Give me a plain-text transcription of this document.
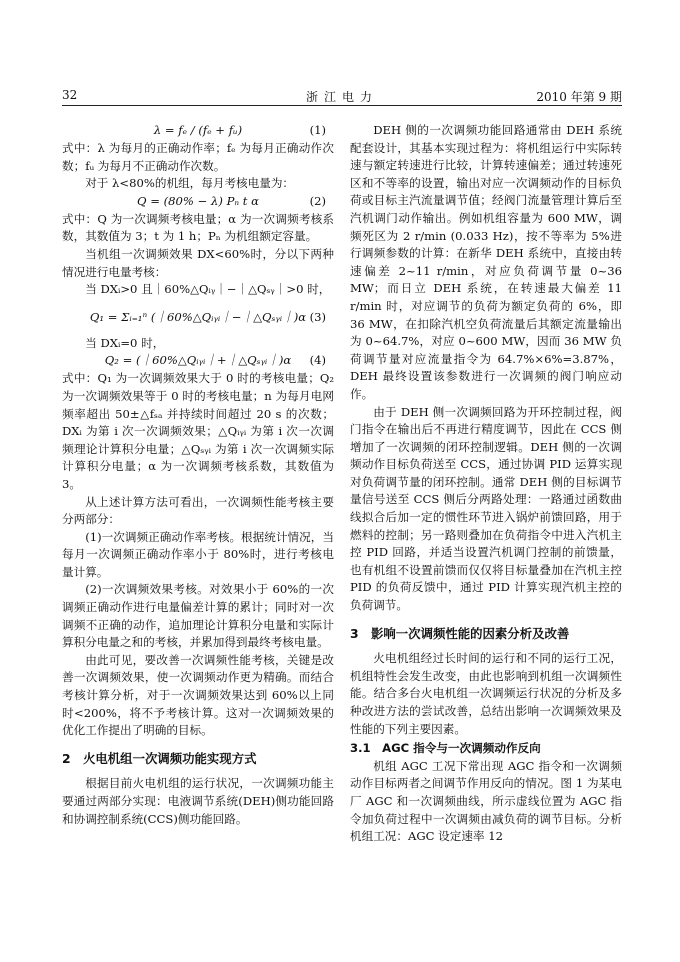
32	浙江电力	2010 年第 9 期
λ = fₑ / (fₑ + fᵤ)	(1)

式中：λ 为每月的正确动作率；fₑ 为每月正确动作次数；fᵤ 为每月不正确动作次数。

对于 λ<80%的机组，每月考核电量为：

Q = (80% − λ) Pₙ t α	(2)

式中：Q 为一次调频考核电量；α 为一次调频考核系数，其数值为 3；t 为 1 h；Pₙ 为机组额定容量。

当机组一次调频效果 DX<60%时，分以下两种情况进行电量考核：

当 DXᵢ>0 且｜60%△Qᵢᵧ｜−｜△Qₛᵧ｜>0 时，

Q₁ = Σᵢ₌₁ⁿ (｜60%△Qᵢᵧᵢ｜−｜△Qₛᵧᵢ｜)α (3)

当 DXᵢ=0 时，

Q₂ = (｜60%△Qᵢᵧᵢ｜+｜△Qₛᵧᵢ｜)α	(4)

式中：Q₁ 为一次调频效果大于 0 时的考核电量；Q₂ 为一次调频效果等于 0 时的考核电量；n 为每月电网频率超出 50±△fₛₐ 并持续时间超过 20 s 的次数；DXᵢ 为第 i 次一次调频效果；△Qᵢᵧᵢ 为第 i 次一次调频理论计算积分电量；△Qₛᵧᵢ 为第 i 次一次调频实际计算积分电量；α 为一次调频考核系数，其数值为 3。

从上述计算方法可看出，一次调频性能考核主要分两部分：

(1)一次调频正确动作率考核。根据统计情况，当每月一次调频正确动作率小于 80%时，进行考核电量计算。

(2)一次调频效果考核。对效果小于 60%的一次调频正确动作进行电量偏差计算的累计；同时对一次调频不正确的动作，追加理论计算积分电量和实际计算积分电量之和的考核，并累加得到最终考核电量。

由此可见，要改善一次调频性能考核，关键是改善一次调频效果，使一次调频动作更为精确。而结合考核计算分析，对于一次调频效果达到 60%以上同时<200%，将不予考核计算。这对一次调频效果的优化工作提出了明确的目标。

2　火电机组一次调频功能实现方式

根据目前火电机组的运行状况，一次调频功能主要通过两部分实现：电液调节系统(DEH)侧功能回路和协调控制系统(CCS)侧功能回路。

DEH 侧的一次调频功能回路通常由 DEH 系统配套设计，其基本实现过程为：将机组运行中实际转速与额定转速进行比较，计算转速偏差；通过转速死区和不等率的设置，输出对应一次调频动作的目标负荷或目标主汽流量调节值；经阀门流量管理计算后至汽机调门动作输出。例如机组容量为 600 MW，调频死区为 2 r/min (0.033 Hz)，按不等率为 5%进行调频参数的计算：在新华 DEH 系统中，直接由转速偏差 2~11 r/min，对应负荷调节量 0~36 MW；而日立 DEH 系统，在转速最大偏差 11 r/min 时，对应调节的负荷为额定负荷的 6%，即 36 MW，在扣除汽机空负荷流量后其额定流量输出为 0~64.7%，对应 0~600 MW，因而 36 MW 负荷调节量对应流量指令为 64.7%×6%=3.87%，DEH 最终设置该参数进行一次调频的阀门响应动作。

由于 DEH 侧一次调频回路为开环控制过程，阀门指令在输出后不再进行精度调节，因此在 CCS 侧增加了一次调频的闭环控制逻辑。DEH 侧的一次调频动作目标负荷送至 CCS，通过协调 PID 运算实现对负荷调节量的闭环控制。通常 DEH 侧的目标调节量信号送至 CCS 侧后分两路处理：一路通过函数曲线拟合后加一定的惯性环节进入锅炉前馈回路，用于燃料的控制；另一路则叠加在负荷指令中进入汽机主控 PID 回路，并适当设置汽机调门控制的前馈量，也有机组不设置前馈而仅仅将目标量叠加在汽机主控 PID 的负荷反馈中，通过 PID 计算实现汽机主控的负荷调节。

3　影响一次调频性能的因素分析及改善

火电机组经过长时间的运行和不同的运行工况，机组特性会发生改变，由此也影响到机组一次调频性能。结合多台火电机组一次调频运行状况的分析及多种改进方法的尝试改善，总结出影响一次调频效果及性能的下列主要因素。

3.1　AGC 指令与一次调频动作反向

机组 AGC 工况下常出现 AGC 指令和一次调频动作目标两者之间调节作用反向的情况。图 1 为某电厂 AGC 和一次调频曲线，所示虚线位置为 AGC 指令加负荷过程中一次调频由减负荷的调节目标。分析机组工况：AGC 设定速率 12
